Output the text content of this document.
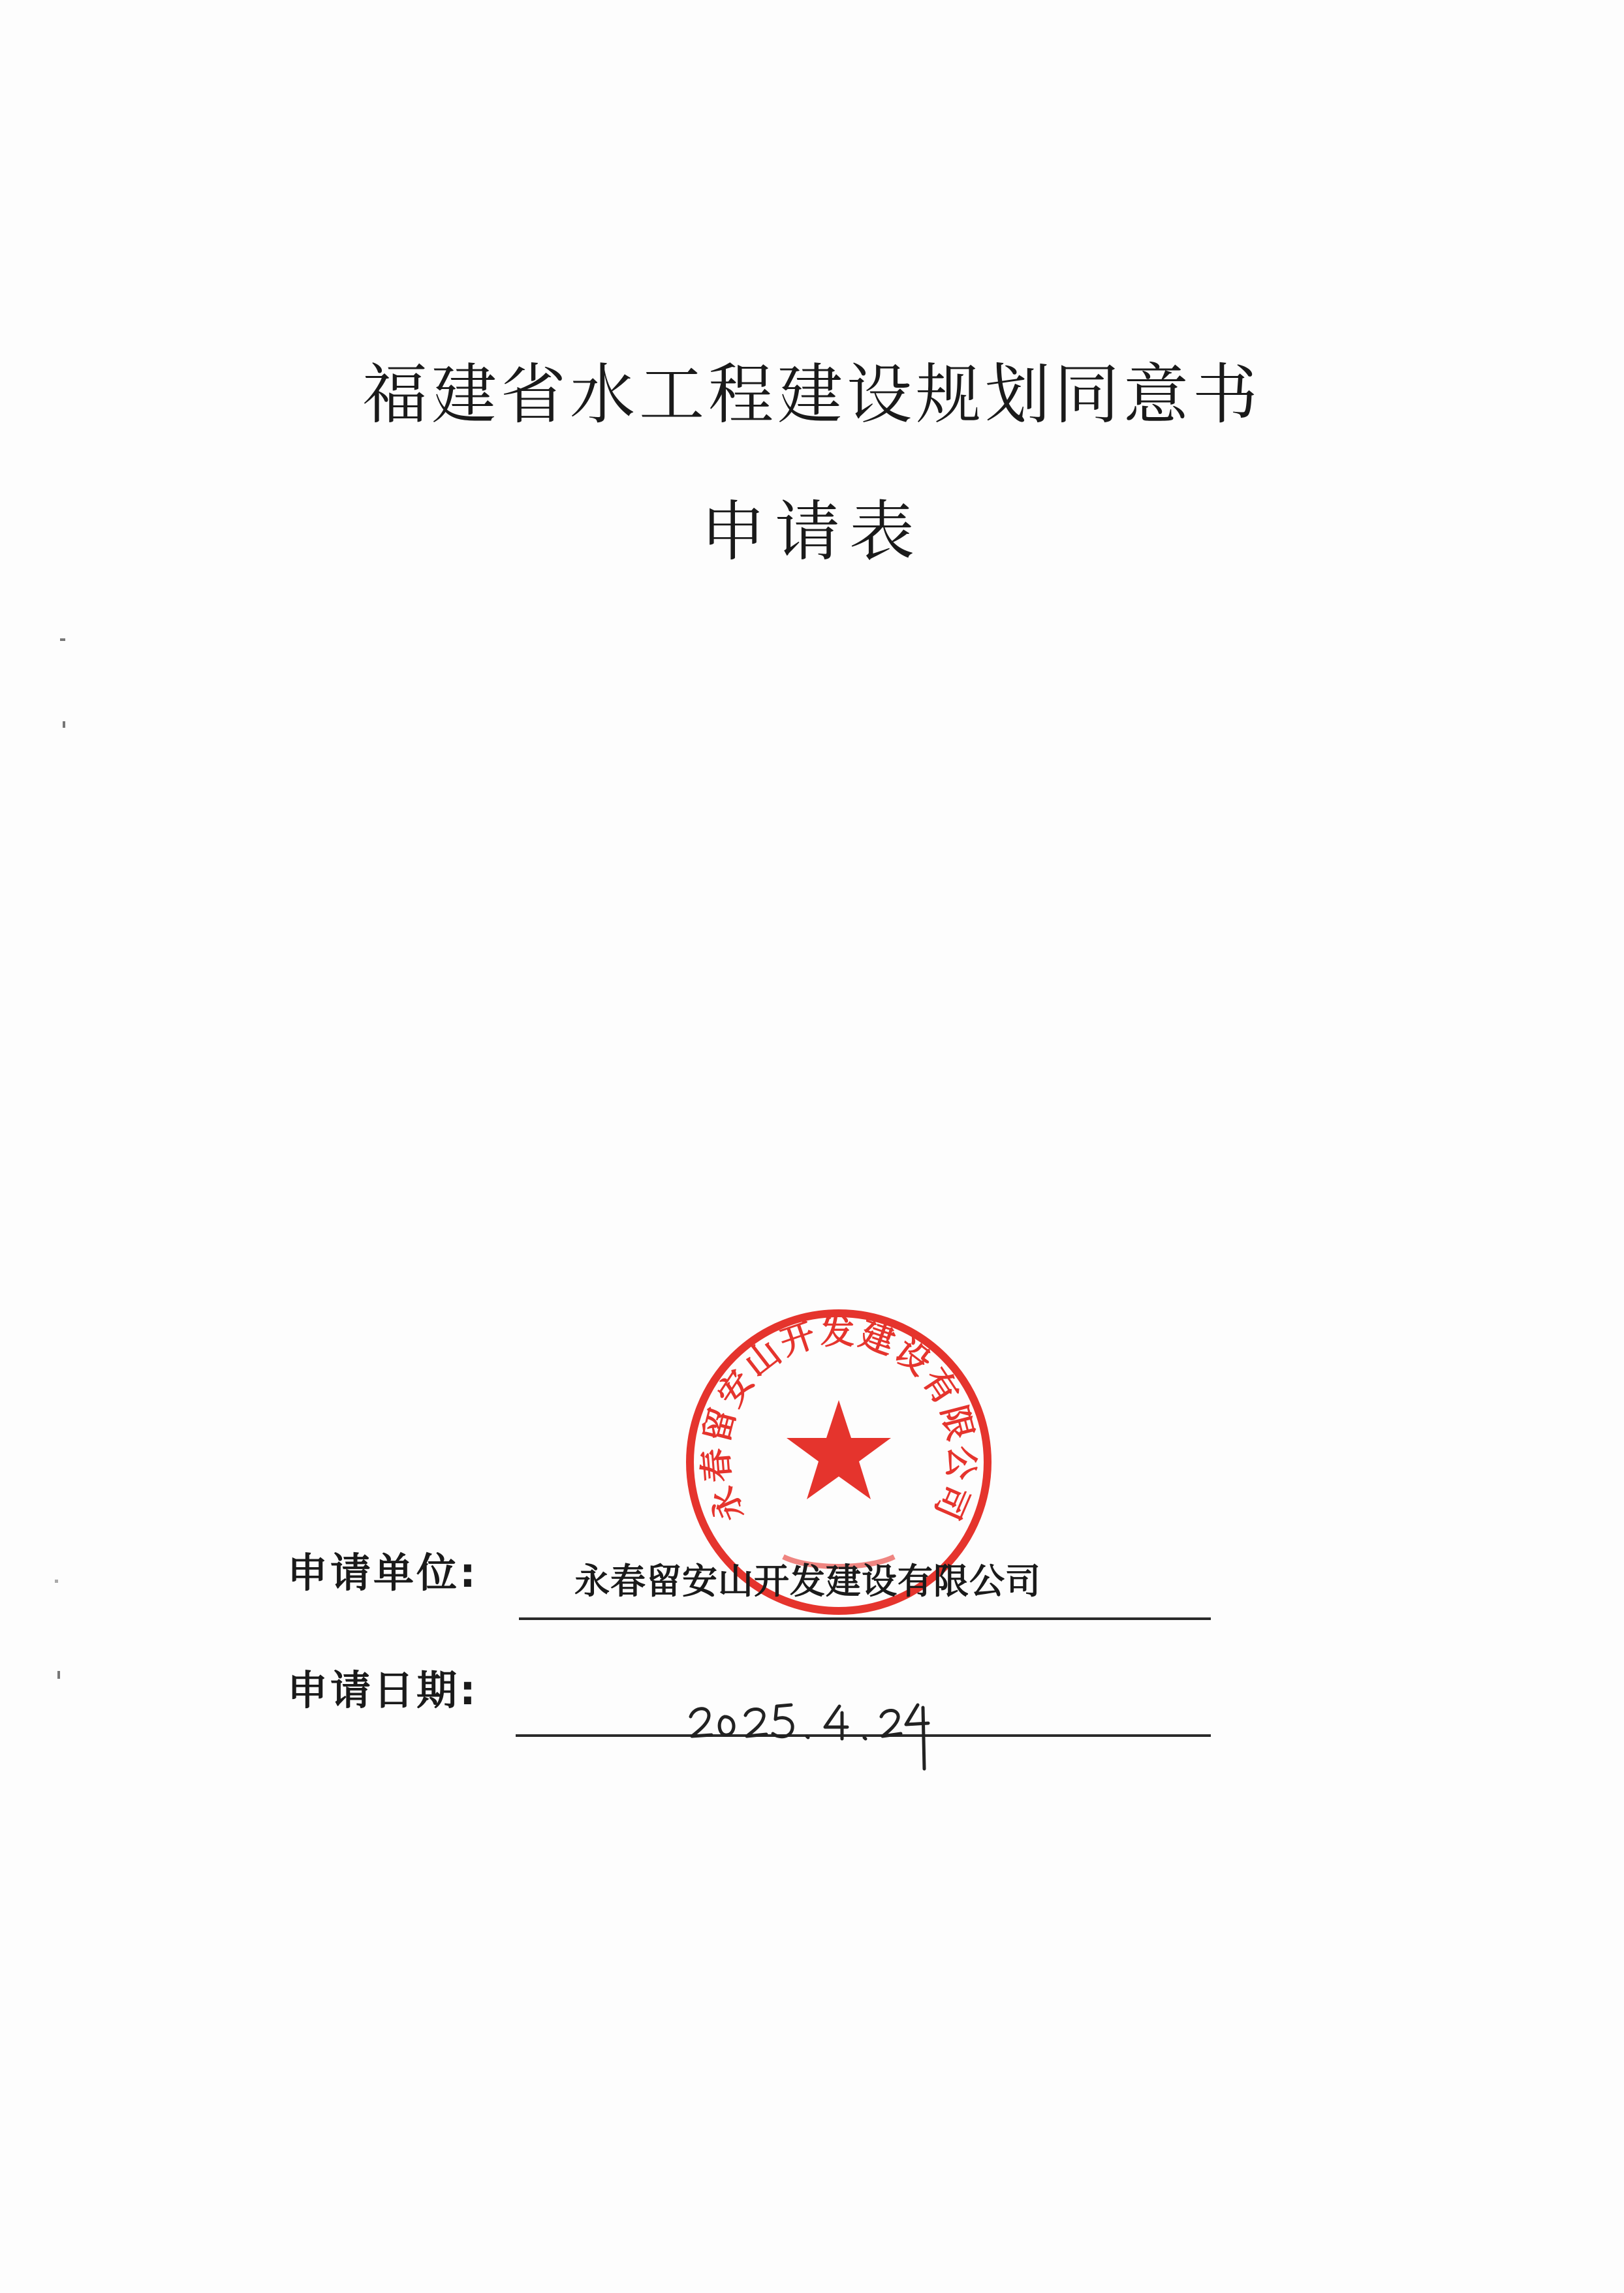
福建省水工程建设规划同意书
申请表
申请单位:	永春留安山开发建设有限公司
申请日期:
永春留安山开发建设有限公司
